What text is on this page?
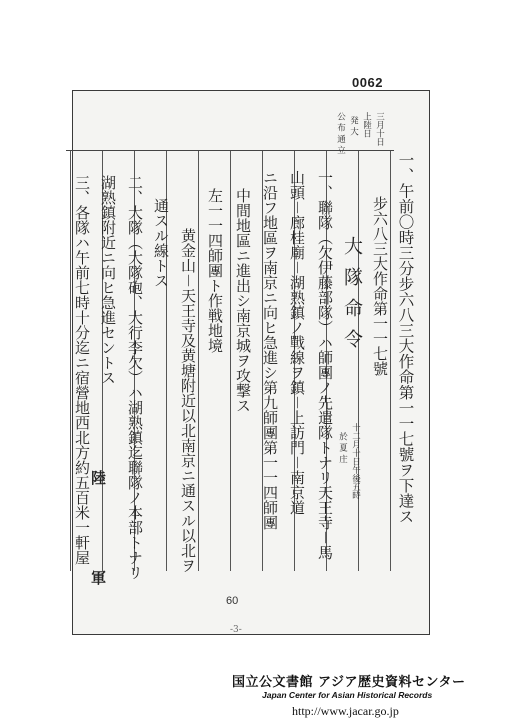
0062
三月十日
上陸日
発 大
公 布 通 立
一、午前〇時三分步六八三大作命第一一七號ヲ下達ス
步六八三大作命第一一七號
大隊命令
十二月十日午後五時
於 夏 庄
一、聯隊（欠伊藤部隊）ハ師團ノ先遣隊トナリ天王寺－馬
山頭－廊桂廟－湖熟鎮ノ戰線ヲ鎮－上訪門－南京道
ニ沿フ地區ヲ南京ニ向ヒ急進シ第九師團第一一四師團
中間地區ニ進出シ南京城ヲ攻撃ス
左一一四師團ト作戦地境
黄金山－天王寺及黄塘附近以北南京ニ通スル以北ヲ
通スル線トス
二、大隊（大隊砲、大行李欠）ハ湖熟鎮迄聯隊ノ本部トナリ
湖熟鎮附近ニ向ヒ急進セントス
三、各隊ハ午前七時十分迄ニ宿營地西北方約五百米一軒屋
60
陸
軍
-3-
国立公文書館 アジア歴史資料センター
Japan Center for Asian Historical Records
http://www.jacar.go.jp
